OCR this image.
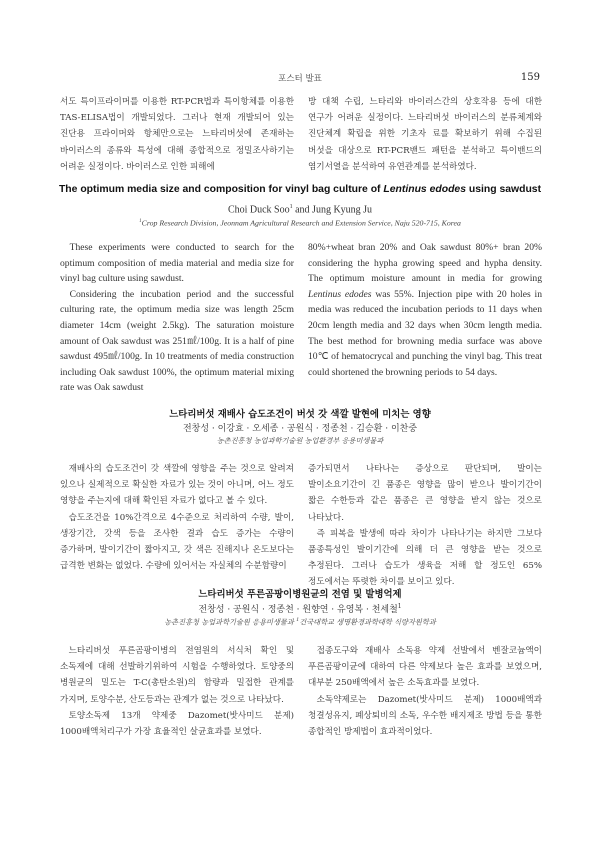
포스터 발표	159

서도 특이프라이머를 이용한 RT-PCR법과 특이항체를 이용한 TAS-ELISA법이 개발되었다. 그러나 현재 개발되어 있는 진단용 프라이머와 항체만으로는 느타리버섯에 존재하는 바이러스의 종류와 특성에 대해 종합적으로 정밀조사하기는 어려운 실정이다. 바이러스로 인한 피해에

방 대책 수립, 느타리와 바이러스간의 상호작용 등에 대한 연구가 어려운 실정이다. 느타리버섯 바이러스의 분류체계와 진단체계 확립을 위한 기초자 료를 확보하기 위해 수집된 버섯을 대상으로 RT-PCR밴드 패턴을 분석하고 특이밴드의 염기서열을 분석하여 유연관계를 분석하였다.

The optimum media size and composition for vinyl bag culture of Lentinus edodes using sawdust
Choi Duck Soo$^1$ and Jung Kyung Ju
$^1$Crop Research Division, Jeonnam Agricultural Research and Extension Service, Naju 520-715, Korea

These experiments were conducted to search for the optimum composition of media material and media size for vinyl bag culture using sawdust.

Considering the incubation period and the successful culturing rate, the optimum media size was length 25cm diameter 14cm (weight 2.5kg). The saturation moisture amount of Oak sawdust was 251㎖/100g. It is a half of pine sawdust 495㎖/100g. In 10 treatments of media construction including Oak sawdust 100%, the optimum material mixing rate was Oak sawdust

80%+wheat bran 20% and Oak sawdust 80%+ bran 20% considering the hypha growing speed and hypha density. The optimum moisture amount in media for growing Lentinus edodes was 55%. Injection pipe with 20 holes in media was reduced the incubation periods to 11 days when 20cm length media and 32 days when 30cm length media. The best method for browning media surface was above 10℃ of hematocrycal and punching the vinyl bag. This treat could shortened the browning periods to 54 days.

느타리버섯 재배사 습도조건이 버섯 갓 색깔 발현에 미치는 영향
전창성 · 이강효 · 오세종 · 공원식 · 정종천 · 김승환 · 이찬중
농촌진흥청 농업과학기술원 농업환경부 응용미생물과

재배사의 습도조건이 갓 색깔에 영향을 주는 것으로 알려져 있으나 실제적으로 확실한 자료가 있는 것이 아니며, 어느 정도 영향을 주는지에 대해 확인된 자료가 없다고 볼 수 있다.

습도조건을 10%간격으로 4수준으로 처리하여 수량, 발이, 생장기간, 갓색 등을 조사한 결과 습도 증가는 수량이 증가하며, 발이기간이 짧아지고, 갓 색은 진해지나 온도보다는 급격한 변화는 없었다. 수량에 있어서는 자실체의 수분함량이

증가되면서 나타나는 증상으로 판단되며, 발이는 발이소요기간이 긴 품종은 영향을 많이 받으나 발이기간이 짧은 수한등과 같은 품종은 큰 영향을 받지 않는 것으로 나타났다.

즉 피복을 발생에 따라 차이가 나타나기는 하지만 그보다 품종특성인 발이기간에 의해 더 큰 영향을 받는 것으로 추정된다. 그러나 습도가 생육을 저해 할 정도인 65%정도에서는 뚜렷한 차이를 보이고 있다.

느타리버섯 푸른곰팡이병원균의 전염 및 발병억제
전창성 · 공원식 · 정종천 · 원향연 · 유영복 · 천세철$^1$
농촌진흥청 농업과학기술원 응용미생물과 $^1$건국대학교 생명환경과학대학 식량자원학과

느타리버섯 푸른곰팡이병의 전염원의 서식처 확인 및 소독제에 대해 선발하기위하여 시험을 수행하였다. 토양중의 병원균의 밀도는 T-C(총탄소원)의 함량과 밀접한 관계를 가지며, 토양수분, 산도등과는 관계가 없는 것으로 나타났다.

토양소독제 13개 약제중 Dazomet(밧사미드 분제) 1000배액처리구가 가장 효율적인 살균효과를 보였다.

접종도구와 재배사 소독용 약제 선발에서 벤잘코늄액이 푸른곰팡이균에 대하여 다른 약제보다 높은 효과를 보였으며, 대부분 250배액에서 높은 소독효과를 보였다.

소독약제로는 Dazomet(밧사미드 분제) 1000배액과 청결성유지, 폐상퇴비의 소독, 우수한 배지제조 방법 등을 통한 종합적인 방제법이 효과적이었다.
